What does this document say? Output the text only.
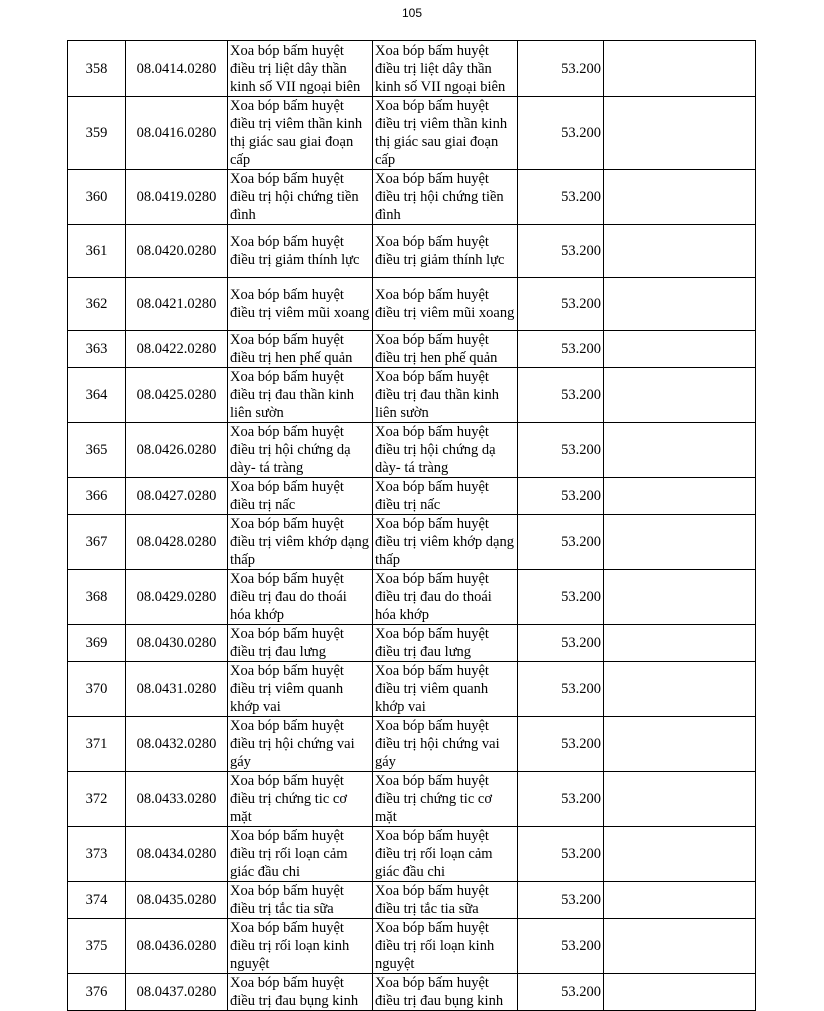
105
358	08.0414.0280	Xoa bóp bấm huyệt điều trị liệt dây thần kinh số VII ngoại biên	Xoa bóp bấm huyệt điều trị liệt dây thần kinh số VII ngoại biên	53.200	
359	08.0416.0280	Xoa bóp bấm huyệt điều trị viêm thần kinh thị giác sau giai đoạn cấp	Xoa bóp bấm huyệt điều trị viêm thần kinh thị giác sau giai đoạn cấp	53.200	
360	08.0419.0280	Xoa bóp bấm huyệt điều trị hội chứng tiền đình	Xoa bóp bấm huyệt điều trị hội chứng tiền đình	53.200	
361	08.0420.0280	Xoa bóp bấm huyệt điều trị giảm thính lực	Xoa bóp bấm huyệt điều trị giảm thính lực	53.200	
362	08.0421.0280	Xoa bóp bấm huyệt điều trị viêm mũi xoang	Xoa bóp bấm huyệt điều trị viêm mũi xoang	53.200	
363	08.0422.0280	Xoa bóp bấm huyệt điều trị hen phế quản	Xoa bóp bấm huyệt điều trị hen phế quản	53.200	
364	08.0425.0280	Xoa bóp bấm huyệt điều trị đau thần kinh liên sườn	Xoa bóp bấm huyệt điều trị đau thần kinh liên sườn	53.200	
365	08.0426.0280	Xoa bóp bấm huyệt điều trị hội chứng dạ dày- tá tràng	Xoa bóp bấm huyệt điều trị hội chứng dạ dày- tá tràng	53.200	
366	08.0427.0280	Xoa bóp bấm huyệt điều trị nấc	Xoa bóp bấm huyệt điều trị nấc	53.200	
367	08.0428.0280	Xoa bóp bấm huyệt điều trị viêm khớp dạng thấp	Xoa bóp bấm huyệt điều trị viêm khớp dạng thấp	53.200	
368	08.0429.0280	Xoa bóp bấm huyệt điều trị đau do thoái hóa khớp	Xoa bóp bấm huyệt điều trị đau do thoái hóa khớp	53.200	
369	08.0430.0280	Xoa bóp bấm huyệt điều trị đau lưng	Xoa bóp bấm huyệt điều trị đau lưng	53.200	
370	08.0431.0280	Xoa bóp bấm huyệt điều trị viêm quanh khớp vai	Xoa bóp bấm huyệt điều trị viêm quanh khớp vai	53.200	
371	08.0432.0280	Xoa bóp bấm huyệt điều trị hội chứng vai gáy	Xoa bóp bấm huyệt điều trị hội chứng vai gáy	53.200	
372	08.0433.0280	Xoa bóp bấm huyệt điều trị chứng tic cơ mặt	Xoa bóp bấm huyệt điều trị chứng tic cơ mặt	53.200	
373	08.0434.0280	Xoa bóp bấm huyệt điều trị rối loạn cảm giác đầu chi	Xoa bóp bấm huyệt điều trị rối loạn cảm giác đầu chi	53.200	
374	08.0435.0280	Xoa bóp bấm huyệt điều trị tắc tia sữa	Xoa bóp bấm huyệt điều trị tắc tia sữa	53.200	
375	08.0436.0280	Xoa bóp bấm huyệt điều trị rối loạn kinh nguyệt	Xoa bóp bấm huyệt điều trị rối loạn kinh nguyệt	53.200	
376	08.0437.0280	Xoa bóp bấm huyệt điều trị đau bụng kinh	Xoa bóp bấm huyệt điều trị đau bụng kinh	53.200	
